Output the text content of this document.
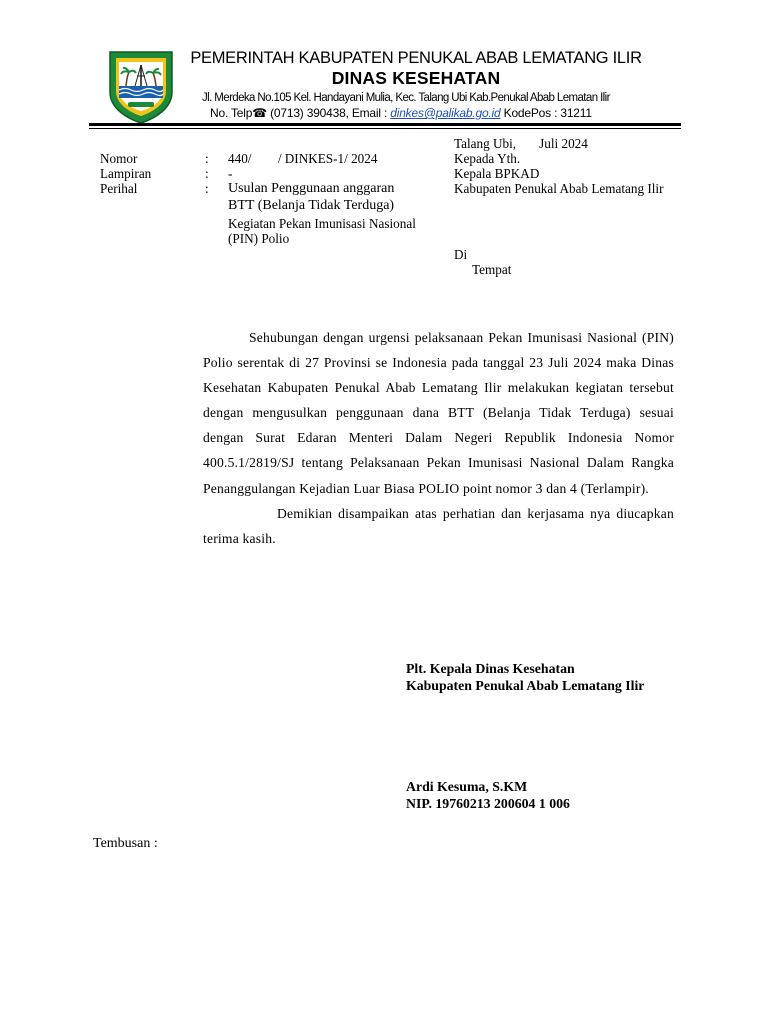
PEMERINTAH KABUPATEN PENUKAL ABAB LEMATANG ILIR
DINAS KESEHATAN
Jl. Merdeka No.105 Kel. Handayani Mulia, Kec. Talang Ubi Kab.Penukal Abab Lematan Ilir
No. Telp☎ (0713) 390438, Email : dinkes@palikab.go.id KodePos : 31211
Nomor	: 440/        / DINKES-1/ 2024
Lampiran	: -
Perihal	: Usulan Penggunaan anggaran
BTT (Belanja Tidak Terduga)
Kegiatan Pekan Imunisasi Nasional
(PIN) Polio
Talang Ubi,       Juli 2024
Kepada Yth.
Kepala BPKAD
Kabupaten Penukal Abab Lematang Ilir
Di
Tempat

Sehubungan dengan urgensi pelaksanaan Pekan Imunisasi Nasional (PIN) Polio serentak di 27 Provinsi se Indonesia pada tanggal 23 Juli 2024 maka Dinas Kesehatan Kabupaten Penukal Abab Lematang Ilir melakukan kegiatan tersebut dengan mengusulkan penggunaan dana BTT (Belanja Tidak Terduga) sesuai dengan Surat Edaran Menteri Dalam Negeri Republik Indonesia Nomor 400.5.1/2819/SJ tentang Pelaksanaan Pekan Imunisasi Nasional Dalam Rangka Penanggulangan Kejadian Luar Biasa POLIO point nomor 3 dan 4 (Terlampir).

Demikian disampaikan atas perhatian dan kerjasama nya diucapkan terima kasih.

Plt. Kepala Dinas Kesehatan
Kabupaten Penukal Abab Lematang Ilir
Ardi Kesuma, S.KM
NIP. 19760213 200604 1 006
Tembusan :
